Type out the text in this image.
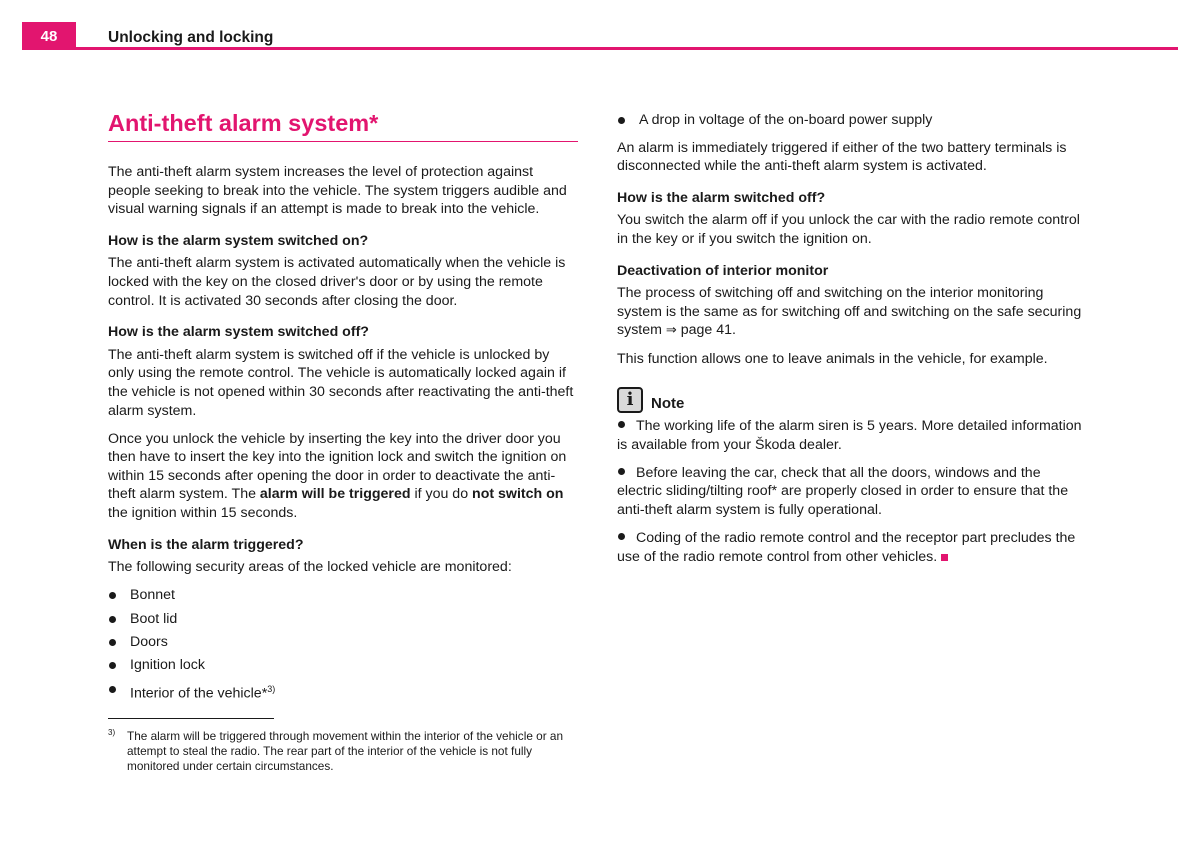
48	Unlocking and locking
Anti-theft alarm system*

The anti-theft alarm system increases the level of protection against people seeking to break into the vehicle. The system triggers audible and visual warning signals if an attempt is made to break into the vehicle.

How is the alarm system switched on?

The anti-theft alarm system is activated automatically when the vehicle is locked with the key on the closed driver's door or by using the remote control. It is activated 30 seconds after closing the door.

How is the alarm system switched off?

The anti-theft alarm system is switched off if the vehicle is unlocked by only using the remote control. The vehicle is automatically locked again if the vehicle is not opened within 30 seconds after reactivating the anti-theft alarm system.

Once you unlock the vehicle by inserting the key into the driver door you then have to insert the key into the ignition lock and switch the ignition on within 15 seconds after opening the door in order to deactivate the anti-theft alarm system. The alarm will be triggered if you do not switch on the ignition within 15 seconds.

When is the alarm triggered?

The following security areas of the locked vehicle are monitored:

Bonnet
Boot lid
Doors
Ignition lock
Interior of the vehicle*$^{3)}$
3)	The alarm will be triggered through movement within the interior of the vehicle or an attempt to steal the radio. The rear part of the interior of the vehicle is not fully monitored under certain circumstances.
A drop in voltage of the on-board power supply

An alarm is immediately triggered if either of the two battery terminals is disconnected while the anti-theft alarm system is activated.

How is the alarm switched off?

You switch the alarm off if you unlock the car with the radio remote control in the key or if you switch the ignition on.

Deactivation of interior monitor

The process of switching off and switching on the interior monitoring system is the same as for switching off and switching on the safe securing system ⇒ page 41.

This function allows one to leave animals in the vehicle, for example.

i	Note

The working life of the alarm siren is 5 years. More detailed information is available from your Škoda dealer.

Before leaving the car, check that all the doors, windows and the electric sliding/tilting roof* are properly closed in order to ensure that the anti-theft alarm system is fully operational.

Coding of the radio remote control and the receptor part precludes the use of the radio remote control from other vehicles.
